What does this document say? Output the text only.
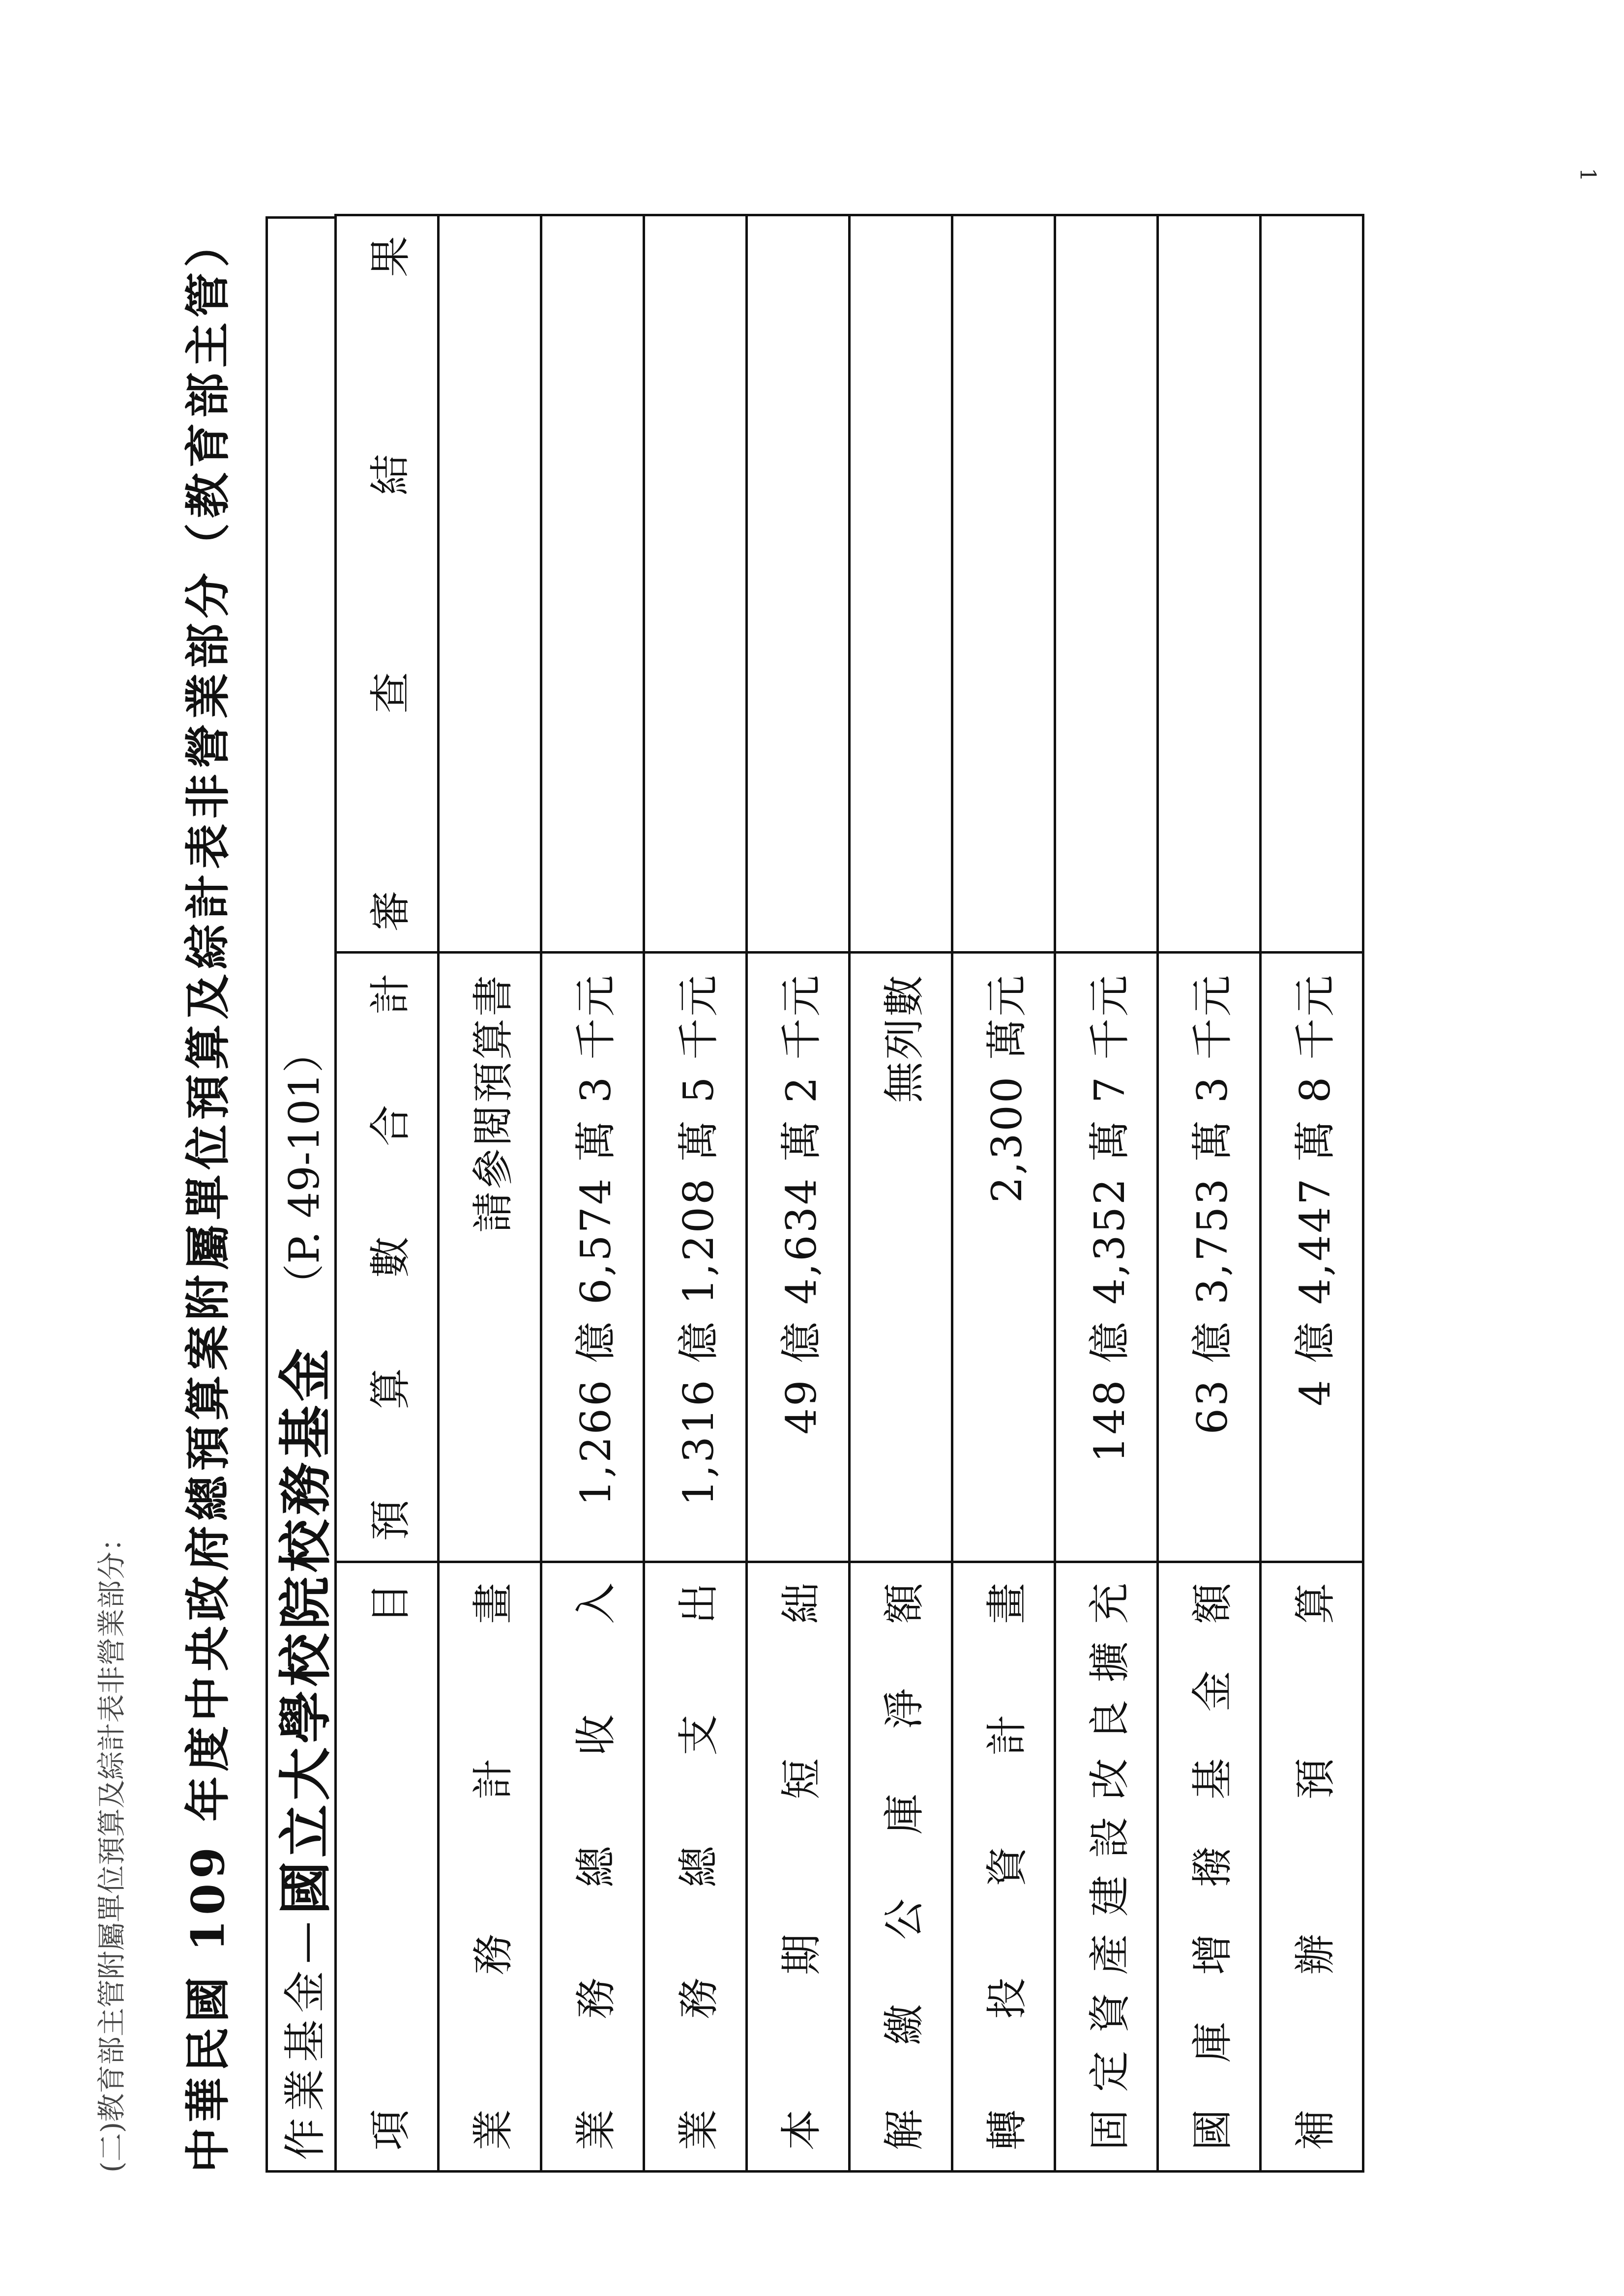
1
(二)教育部主管附屬單位預算及綜計表非營業部分： 中華民國 109 年度中央政府總預算案附屬單位預算及綜計表非營業部分（教育部主管） 作業基金—
國立大學校院校務基金
（P. 49-101）
項目	預算數合計	審查結果
業務計畫	請參閱預算書	
業務總收入	1,266 億 6,574 萬 3 千元	
業務總支出	1,316 億 1,208 萬 5 千元	
本期短絀	49 億 4,634 萬 2 千元	
解繳公庫淨額	無列數	
轉投資計畫	2,300 萬元	
固定資產建設改良擴充	148 億 4,352 萬 7 千元	
國庫增撥基金額	63 億 3,753 萬 3 千元	
補辦預算	4 億 4,447 萬 8 千元	
